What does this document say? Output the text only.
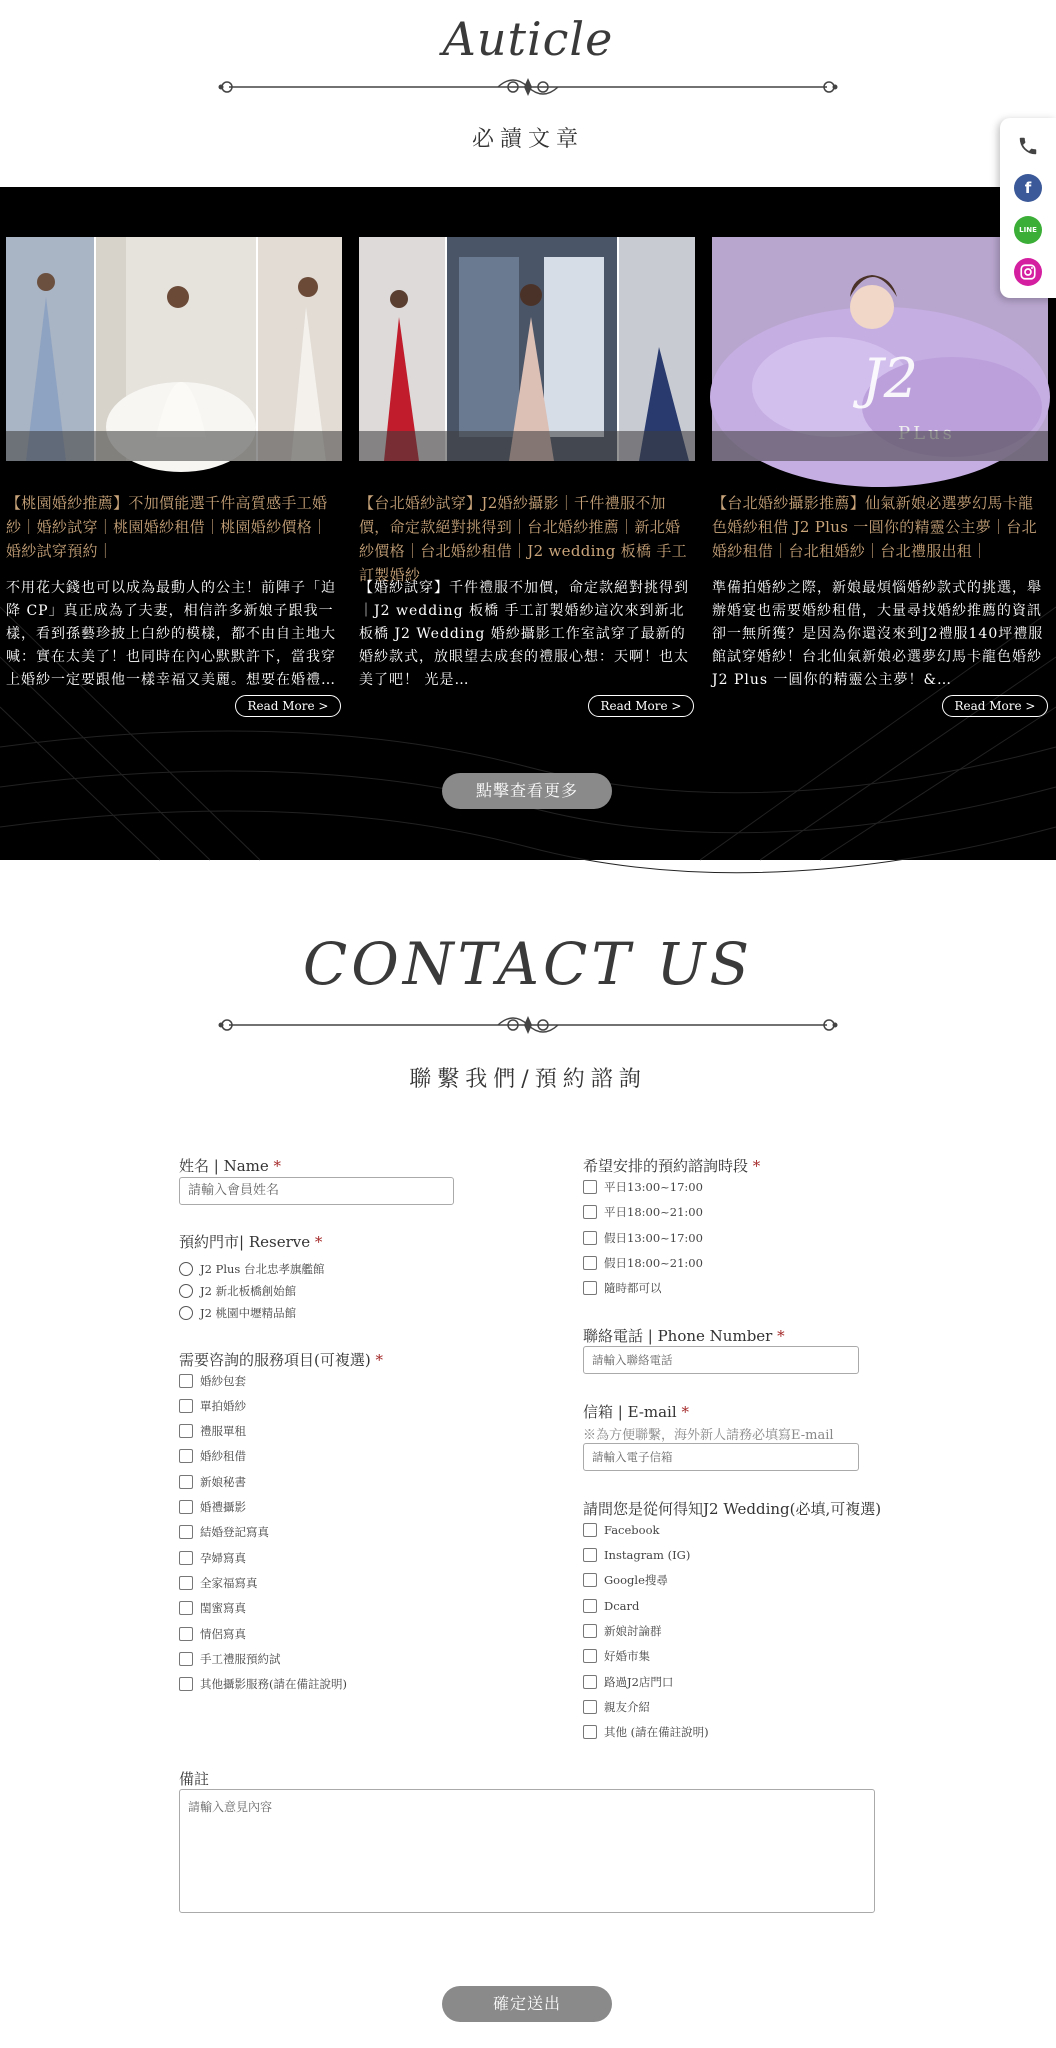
Auticle
必讀文章
f
LINE
【桃園婚紗推薦】不加價能選千件高質感手工婚紗｜婚紗試穿｜桃園婚紗租借｜桃園婚紗價格｜婚紗試穿預約｜
不用花大錢也可以成為最動人的公主！前陣子「迫降 CP」真正成為了夫妻，相信許多新娘子跟我一樣，看到孫藝珍披上白紗的模樣，都不由自主地大喊：實在太美了！也同時在內心默默許下，當我穿上婚紗一定要跟他一樣幸福又美麗。想要在婚禮…
Read More >
【台北婚紗試穿】J2婚紗攝影｜千件禮服不加價，命定款絕對挑得到｜台北婚紗推薦｜新北婚紗價格｜台北婚紗租借｜J2 wedding 板橋 手工訂製婚紗
【婚紗試穿】千件禮服不加價，命定款絕對挑得到｜J2 wedding 板橋 手工訂製婚紗這次來到新北板橋 J2 Wedding 婚紗攝影工作室試穿了最新的婚紗款式，放眼望去成套的禮服心想：天啊！也太美了吧！ 光是…
Read More >
J2
【台北婚紗攝影推薦】仙氣新娘必選夢幻馬卡龍色婚紗租借 J2 Plus 一圓你的精靈公主夢｜台北婚紗租借｜台北租婚紗｜台北禮服出租｜
準備拍婚紗之際，新娘最煩惱婚紗款式的挑選，舉辦婚宴也需要婚紗租借，大量尋找婚紗推薦的資訊卻一無所獲？是因為你還沒來到J2禮服140坪禮服館試穿婚紗！台北仙氣新娘必選夢幻馬卡龍色婚紗 J2 Plus 一圓你的精靈公主夢！&…
Read More >
點擊查看更多
CONTACT US
聯繫我們/預約諮詢
姓名 | Name *
請輸入會員姓名
預約門市| Reserve *
J2 Plus 台北忠孝旗艦館
J2 新北板橋創始館
J2 桃園中壢精品館
需要咨詢的服務項目(可複選) *
婚紗包套
單拍婚紗
禮服單租
婚紗租借
新娘秘書
婚禮攝影
結婚登記寫真
孕婦寫真
全家福寫真
閨蜜寫真
情侶寫真
手工禮服預約試
其他攝影服務(請在備註說明)
希望安排的預約諮詢時段 *
平日13:00~17:00
平日18:00~21:00
假日13:00~17:00
假日18:00~21:00
隨時都可以
聯絡電話 | Phone Number *
請輸入聯絡電話
信箱 | E-mail *
※為方便聯繫，海外新人請務必填寫E-mail
請輸入電子信箱
請問您是從何得知J2 Wedding(必填,可複選)
Facebook
Instagram (IG)
Google搜尋
Dcard
新娘討論群
好婚市集
路過J2店門口
親友介紹
其他 (請在備註說明)
備註
請輸入意見內容
確定送出
